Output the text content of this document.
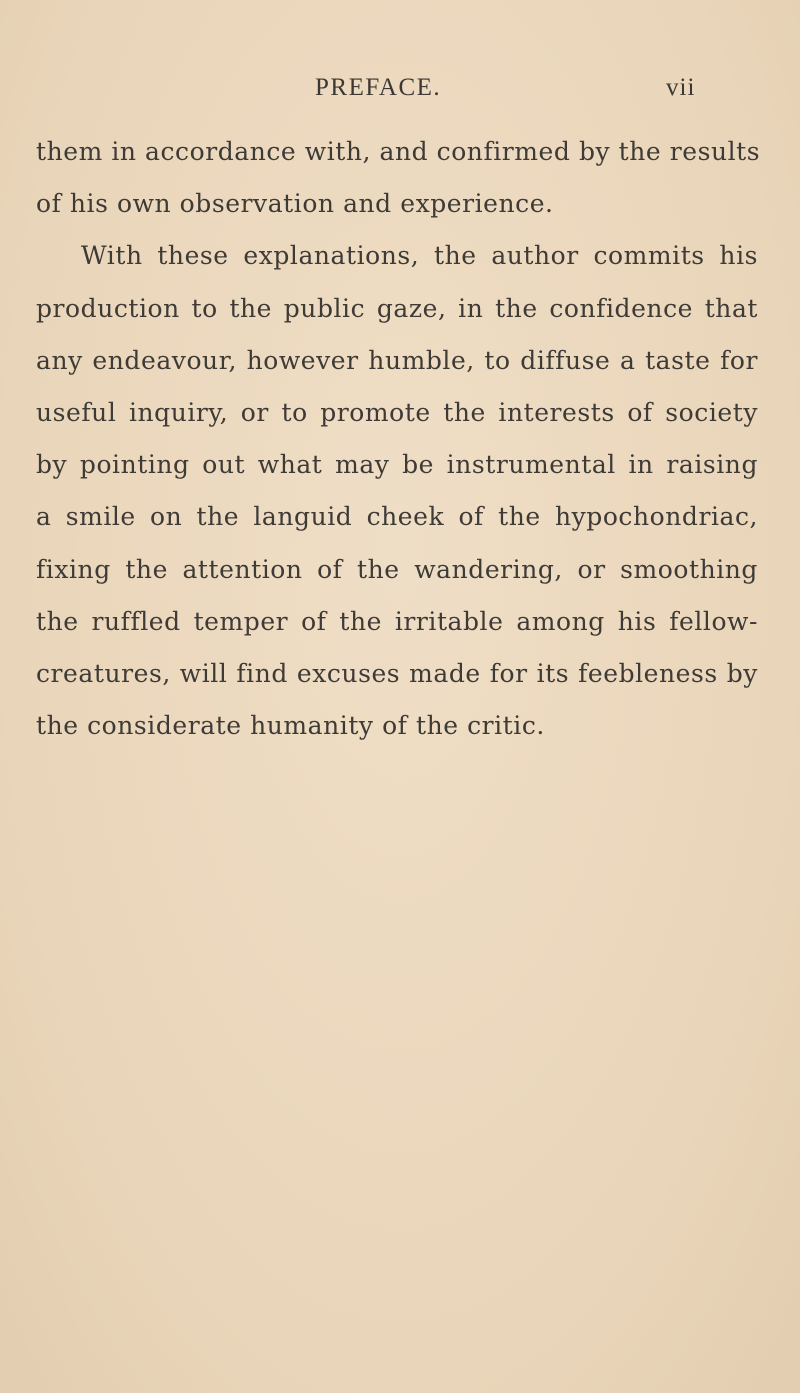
PREFACE.	vii
them in accordance with, and confirmed by the results
of his own observation and experience.
With these explanations, the author commits his
production to the public gaze, in the confidence that
any endeavour, however humble, to diffuse a taste for
useful inquiry, or to promote the interests of society
by pointing out what may be instrumental in raising
a smile on the languid cheek of the hypochondriac,
fixing the attention of the wandering, or smoothing
the ruffled temper of the irritable among his fellow-
creatures, will find excuses made for its feebleness by
the considerate humanity of the critic.
